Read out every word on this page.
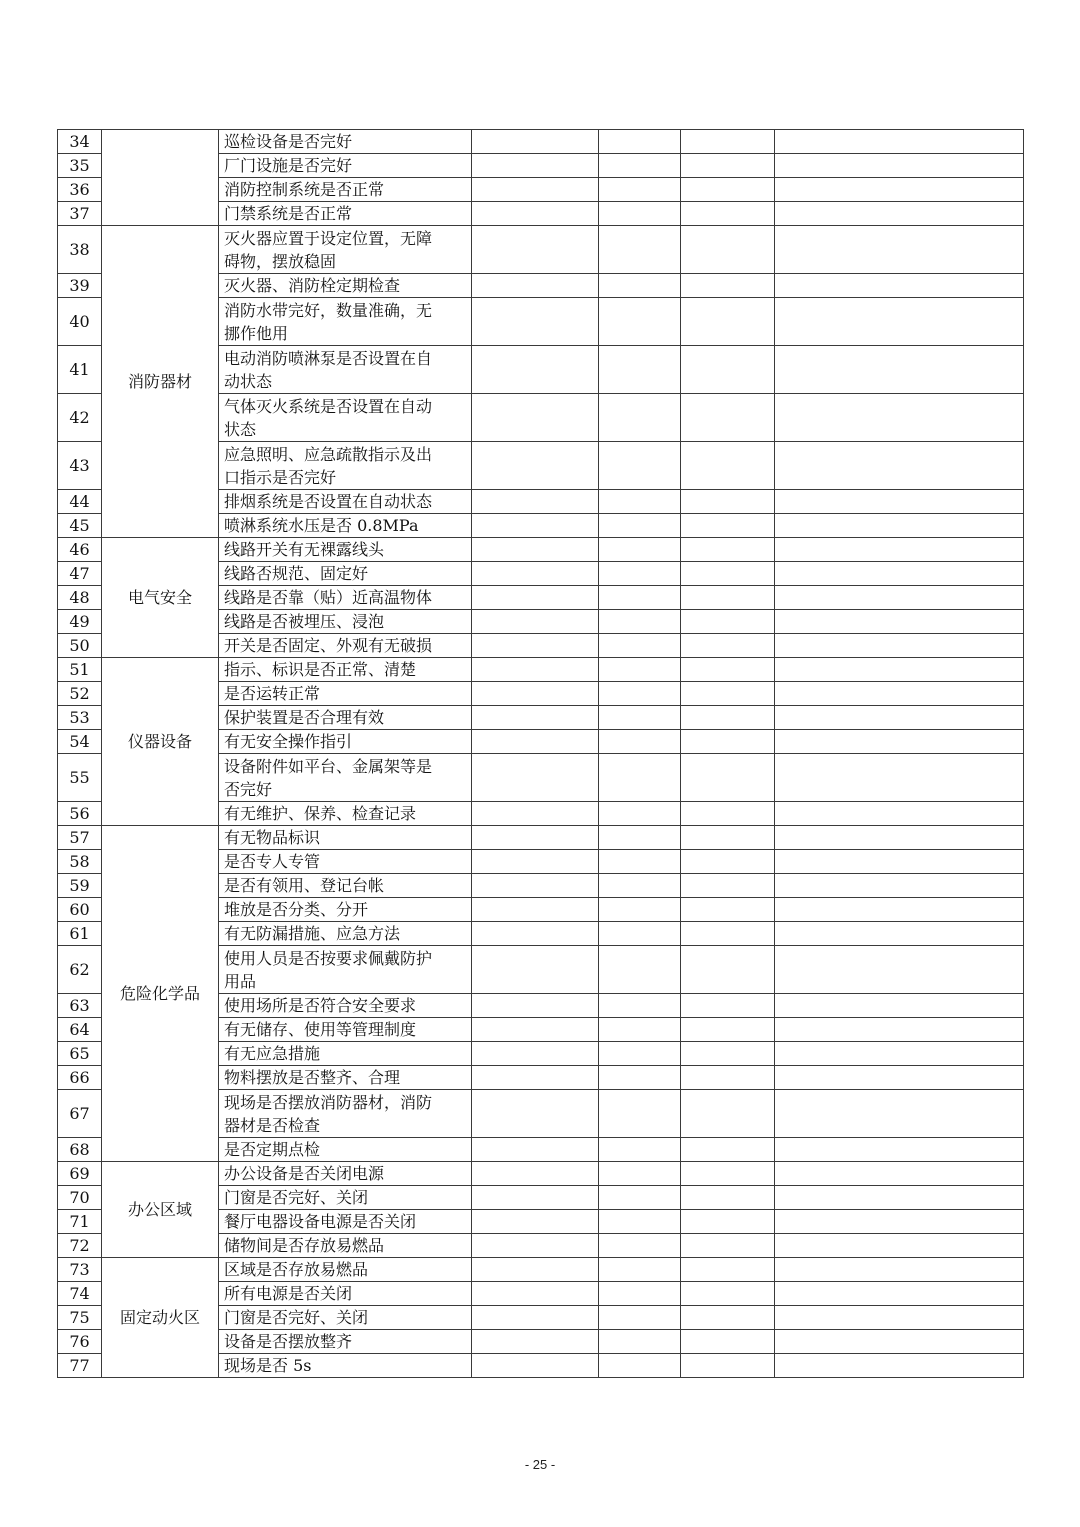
34		巡检设备是否完好				

35		厂门设施是否完好				

36		消防控制系统是否正常				

37		门禁系统是否正常				

38	消防器材	灭火器应置于设定位置，无障
碍物，摆放稳固				

39		灭火器、消防栓定期检查				

40		消防水带完好，数量准确，无
挪作他用				

41		电动消防喷淋泵是否设置在自
动状态				

42		气体灭火系统是否设置在自动
状态				

43		应急照明、应急疏散指示及出
口指示是否完好				

44		排烟系统是否设置在自动状态				

45		喷淋系统水压是否 0.8MPa				

46	电气安全	线路开关有无裸露线头				

47		线路否规范、固定好				

48		线路是否靠（贴）近高温物体				

49		线路是否被埋压、浸泡				

50		开关是否固定、外观有无破损				

51	仪器设备	指示、标识是否正常、清楚				

52		是否运转正常				

53		保护装置是否合理有效				

54		有无安全操作指引				

55		设备附件如平台、金属架等是
否完好				

56		有无维护、保养、检查记录				

57	危险化学品	有无物品标识				

58		是否专人专管				

59		是否有领用、登记台帐				

60		堆放是否分类、分开				

61		有无防漏措施、应急方法				

62		使用人员是否按要求佩戴防护
用品				

63		使用场所是否符合安全要求				

64		有无储存、使用等管理制度				

65		有无应急措施				

66		物料摆放是否整齐、合理				

67		现场是否摆放消防器材，消防
器材是否检查				

68		是否定期点检				

69	办公区域	办公设备是否关闭电源				

70		门窗是否完好、关闭				

71		餐厅电器设备电源是否关闭				

72		储物间是否存放易燃品				

73	固定动火区	区域是否存放易燃品				

74		所有电源是否关闭				

75		门窗是否完好、关闭				

76		设备是否摆放整齐				

77		现场是否 5s				

- 25 -
